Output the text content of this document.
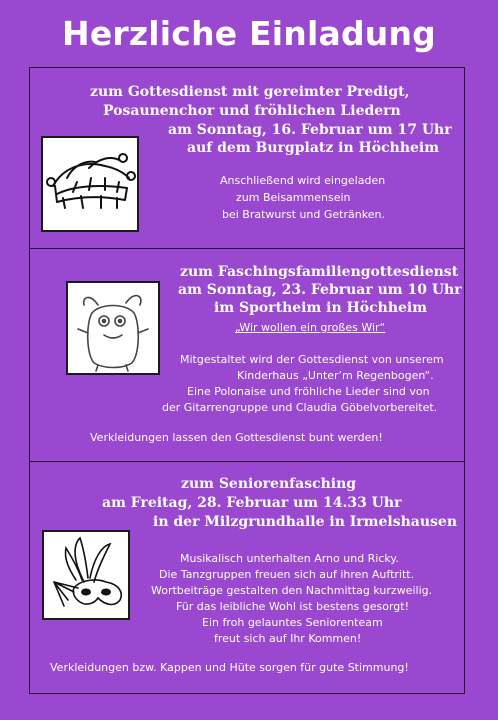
Herzliche Einladung
zum Gottesdienst mit gereimter Predigt,
Posaunenchor und fröhlichen Liedern
am Sonntag, 16. Februar um 17 Uhr
auf dem Burgplatz in Höchheim
Anschließend wird eingeladen
zum Beisammensein
bei Bratwurst und Getränken.
zum Faschingsfamiliengottesdienst
am Sonntag, 23. Februar um 10 Uhr
im Sportheim in Höchheim
„Wir wollen ein großes Wir“
Mitgestaltet wird der Gottesdienst von unserem
Kinderhaus „Unter’m Regenbogen“.
Eine Polonaise und fröhliche Lieder sind von
der Gitarrengruppe und Claudia Göbelvorbereitet.
Verkleidungen lassen den Gottesdienst bunt werden!
zum Seniorenfasching
am Freitag, 28. Februar um 14.33 Uhr
in der Milzgrundhalle in Irmelshausen
Musikalisch unterhalten Arno und Ricky.
Die Tanzgruppen freuen sich auf ihren Auftritt.
Wortbeiträge gestalten den Nachmittag kurzweilig.
Für das leibliche Wohl ist bestens gesorgt!
Ein froh gelauntes Seniorenteam
freut sich auf Ihr Kommen!
Verkleidungen bzw. Kappen und Hüte sorgen für gute Stimmung!
